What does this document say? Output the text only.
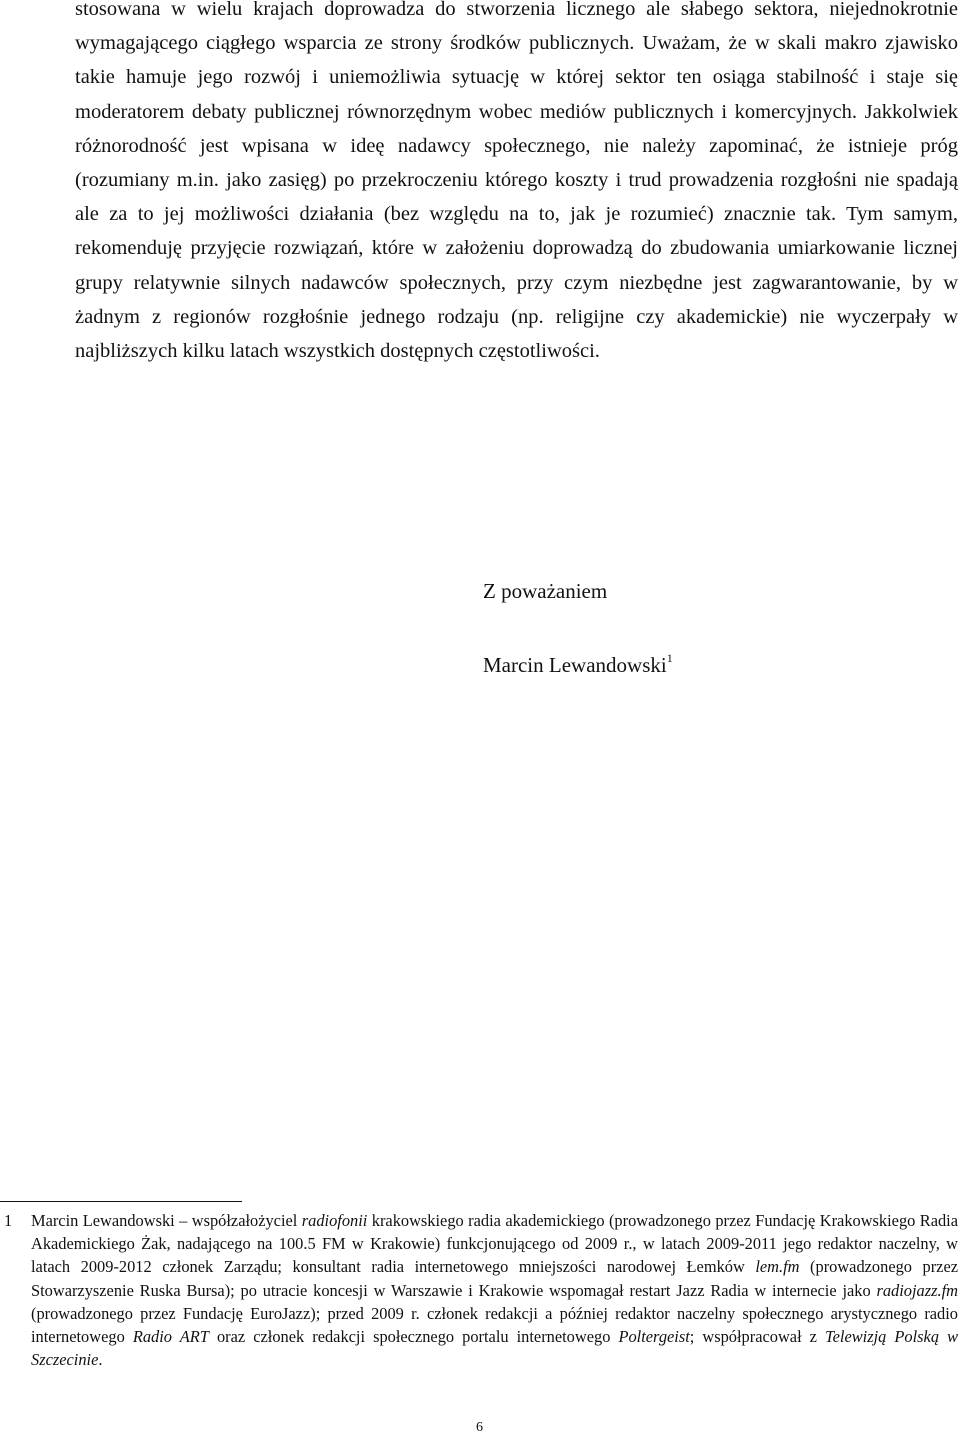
stosowana w wielu krajach doprowadza do stworzenia licznego ale słabego sektora, niejednokrotnie wymagającego ciągłego wsparcia ze strony środków publicznych. Uważam, że w skali makro zjawisko takie hamuje jego rozwój i uniemożliwia sytuację w której sektor ten osiąga stabilność i staje się moderatorem debaty publicznej równorzędnym wobec mediów publicznych i komercyjnych. Jakkolwiek różnorodność jest wpisana w ideę nadawcy społecznego, nie należy zapominać, że istnieje próg (rozumiany m.in. jako zasięg) po przekroczeniu którego koszty i trud prowadzenia rozgłośni nie spadają ale za to jej możliwości działania (bez względu na to, jak je rozumieć) znacznie tak. Tym samym, rekomenduję przyjęcie rozwiązań, które w założeniu doprowadzą do zbudowania umiarkowanie licznej grupy relatywnie silnych nadawców społecznych, przy czym niezbędne jest zagwarantowanie, by w żadnym z regionów rozgłośnie jednego rodzaju (np. religijne czy akademickie) nie wyczerpały w najbliższych kilku latach wszystkich dostępnych częstotliwości.

Z poważaniem
Marcin Lewandowski$^1$
1 Marcin Lewandowski – współzałożyciel radiofonii krakowskiego radia akademickiego (prowadzonego przez Fundację Krakowskiego Radia Akademickiego Żak, nadającego na 100.5 FM w Krakowie) funkcjonującego od 2009 r., w latach 2009-2011 jego redaktor naczelny, w latach 2009-2012 członek Zarządu; konsultant radia internetowego mniejszości narodowej Łemków lem.fm (prowadzonego przez Stowarzyszenie Ruska Bursa); po utracie koncesji w Warszawie i Krakowie wspomagał restart Jazz Radia w internecie jako radiojazz.fm (prowadzonego przez Fundację EuroJazz); przed 2009 r. członek redakcji a później redaktor naczelny społecznego arystycznego radio internetowego Radio ART oraz członek redakcji społecznego portalu internetowego Poltergeist; współpracował z Telewizją Polską w Szczecinie.

6
